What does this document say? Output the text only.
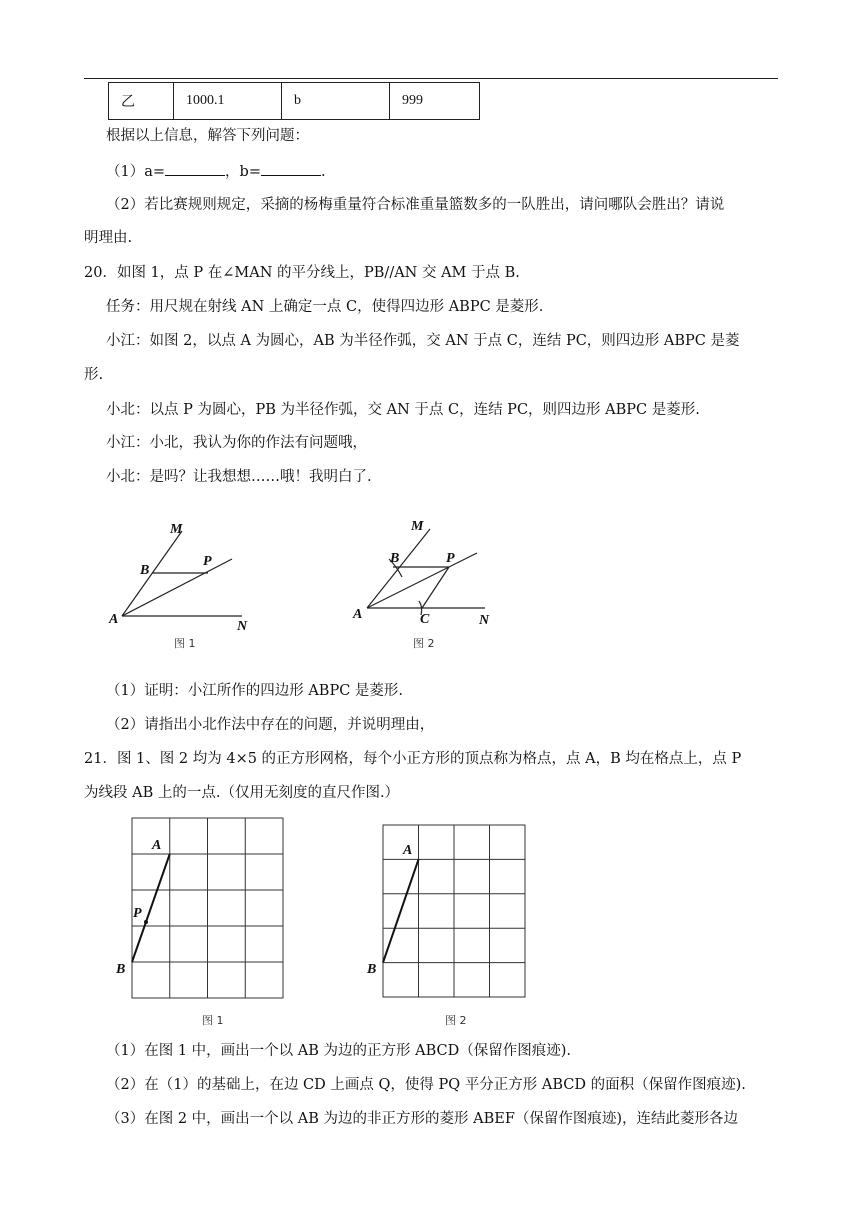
乙	1000.1	b	999
根据以上信息，解答下列问题：
（1）a=	，b=	.
（2）若比赛规则规定，采摘的杨梅重量符合标准重量篮数多的一队胜出，请问哪队会胜出？请说
明理由.
20．如图 1，点 P 在∠MAN 的平分线上，PB//AN 交 AM 于点 B.
任务：用尺规在射线 AN 上确定一点 C，使得四边形 ABPC 是菱形.
小江：如图 2，以点 A 为圆心，AB 为半径作弧，交 AN 于点 C，连结 PC，则四边形 ABPC 是菱
形.
小北：以点 P 为圆心，PB 为半径作弧，交 AN 于点 C，连结 PC，则四边形 ABPC 是菱形.
小江：小北，我认为你的作法有问题哦，
小北：是吗？让我想想……哦！我明白了.
M
B
P
A	N
图 1
M
B	P
A	C	N
图 2
（1）证明：小江所作的四边形 ABPC 是菱形.
（2）请指出小北作法中存在的问题，并说明理由，
21．图 1、图 2 均为 4×5 的正方形网格，每个小正方形的顶点称为格点，点 A，B 均在格点上，点 P
为线段 AB 上的一点.（仅用无刻度的直尺作图.）
A
P
B
图 1
A
B
图 2
（1）在图 1 中，画出一个以 AB 为边的正方形 ABCD（保留作图痕迹).
（2）在（1）的基础上，在边 CD 上画点 Q，使得 PQ 平分正方形 ABCD 的面积（保留作图痕迹).
（3）在图 2 中，画出一个以 AB 为边的非正方形的菱形 ABEF（保留作图痕迹)，连结此菱形各边
